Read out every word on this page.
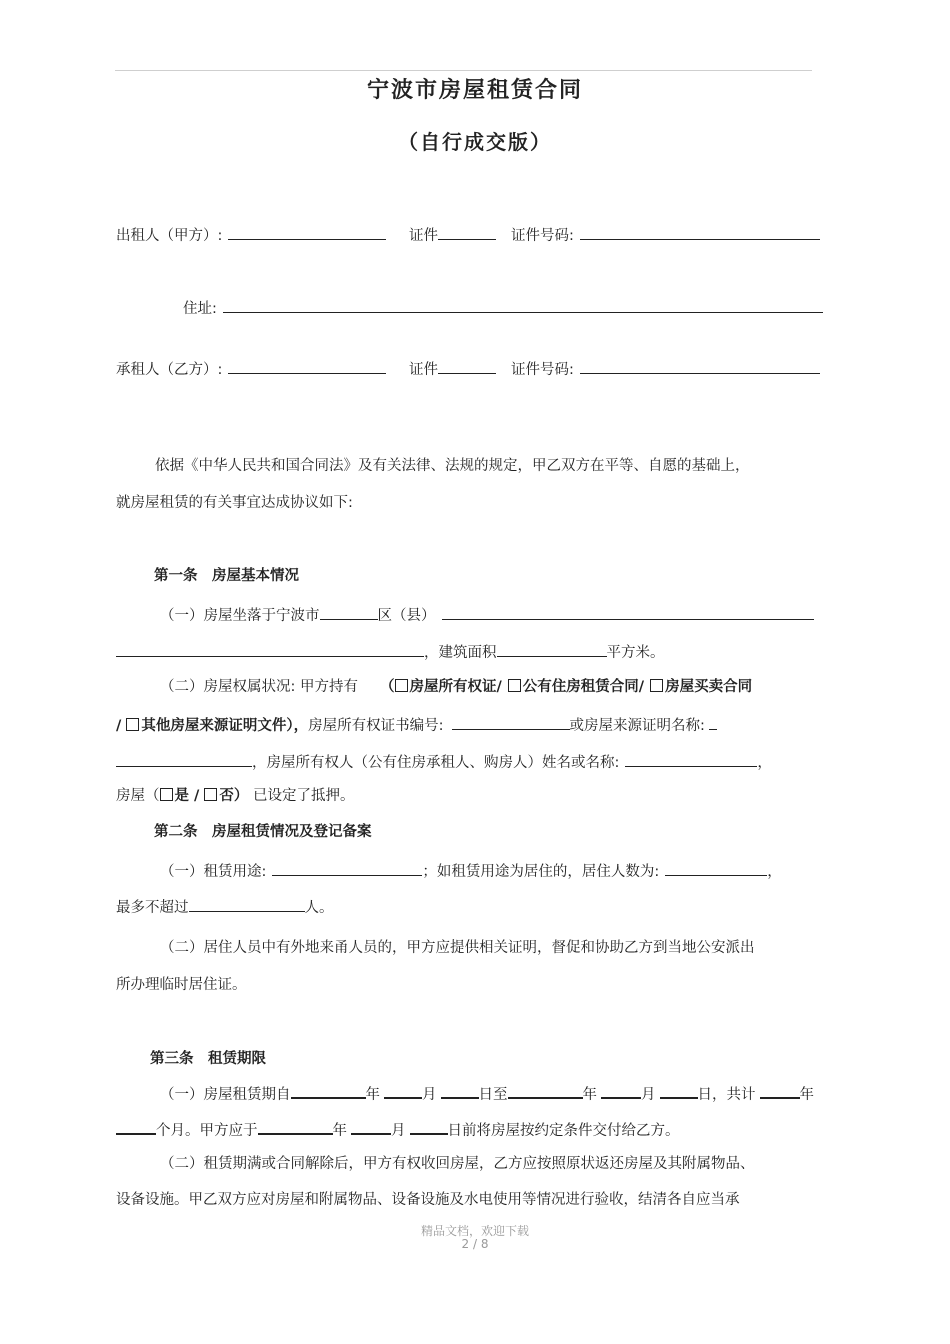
宁波市房屋租赁合同
（自行成交版）
出租人（甲方）:	证件	证件号码:
住址:
承租人（乙方）:	证件	证件号码:
依据《中华人民共和国合同法》及有关法律、法规的规定，甲乙双方在平等、自愿的基础上，
就房屋租赁的有关事宜达成协议如下:
第一条　房屋基本情况
（一）房屋坐落于宁波市	区（县）
，建筑面积	平方米。
（二）房屋权属状况: 甲方持有 （ 房屋所有权证/ 公有住房租赁合同/ 房屋买卖合同
/ 其他房屋来源证明文件），房屋所有权证书编号:	或房屋来源证明名称:
，房屋所有权人（公有住房承租人、购房人）姓名或名称:	，
房屋（ 是 / 否） 已设定了抵押。
第二条　房屋租赁情况及登记备案
（一）租赁用途:	；如租赁用途为居住的，居住人数为:	，
最多不超过	人。
（二）居住人员中有外地来甬人员的，甲方应提供相关证明，督促和协助乙方到当地公安派出
所办理临时居住证。
第三条　租赁期限
（一）房屋租赁期自	年	月	日至	年	月	日，共计	年
个月。甲方应于	年	月	日前将房屋按约定条件交付给乙方。
（二）租赁期满或合同解除后，甲方有权收回房屋，乙方应按照原状返还房屋及其附属物品、
设备设施。甲乙双方应对房屋和附属物品、设备设施及水电使用等情况进行验收，结清各自应当承
精品文档，欢迎下载
2 / 8
